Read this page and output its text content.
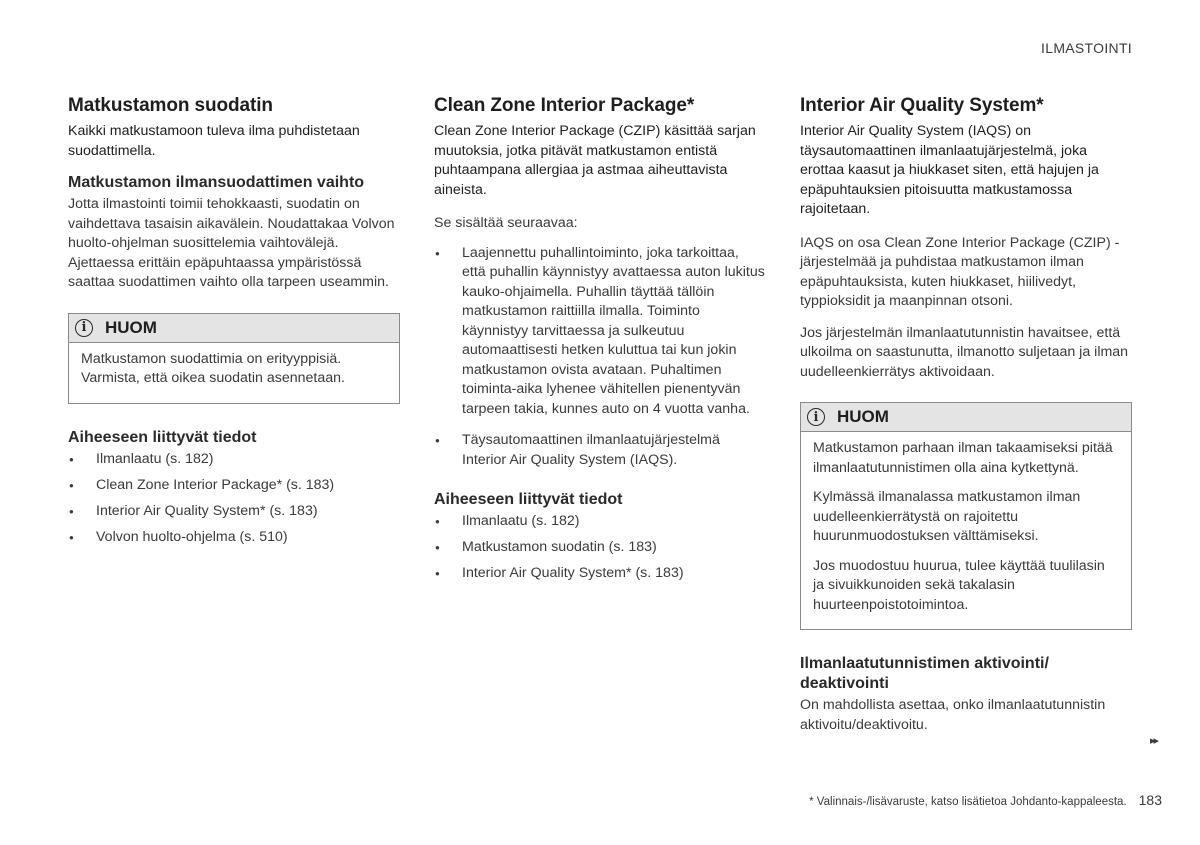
ILMASTOINTI
Matkustamon suodatin

Kaikki matkustamoon tuleva ilma puhdistetaan suodattimella.

Matkustamon ilmansuodattimen vaihto

Jotta ilmastointi toimii tehokkaasti, suodatin on vaihdettava tasaisin aikavälein. Noudattakaa Volvon huolto-ohjelman suosittelemia vaihtovälejä. Ajettaessa erittäin epäpuhtaassa ympäristössä saattaa suodattimen vaihto olla tarpeen useammin.

i	HUOM

Matkustamon suodattimia on erityyppisiä. Varmista, että oikea suodatin asennetaan.

Aiheeseen liittyvät tiedot
● Ilmanlaatu (s. 182)
● Clean Zone Interior Package* (s. 183)
● Interior Air Quality System* (s. 183)
● Volvon huolto-ohjelma (s. 510)
Clean Zone Interior Package*

Clean Zone Interior Package (CZIP) käsittää sarjan muutoksia, jotka pitävät matkustamon entistä puhtaampana allergiaa ja astmaa aiheuttavista aineista.

Se sisältää seuraavaa:

● Laajennettu puhallintoiminto, joka tarkoittaa, että puhallin käynnistyy avattaessa auton lukitus kauko-ohjaimella. Puhallin täyttää tällöin matkustamon raittiilla ilmalla. Toiminto käynnistyy tarvittaessa ja sulkeutuu automaattisesti hetken kuluttua tai kun jokin matkustamon ovista avataan. Puhaltimen toiminta-aika lyhenee vähitellen pienentyvän tarpeen takia, kunnes auto on 4 vuotta vanha.
● Täysautomaattinen ilmanlaatujärjestelmä Interior Air Quality System (IAQS).
Aiheeseen liittyvät tiedot
● Ilmanlaatu (s. 182)
● Matkustamon suodatin (s. 183)
● Interior Air Quality System* (s. 183)
Interior Air Quality System*

Interior Air Quality System (IAQS) on täysautomaattinen ilmanlaatujärjestelmä, joka erottaa kaasut ja hiukkaset siten, että hajujen ja epäpuhtauksien pitoisuutta matkustamossa rajoitetaan.

IAQS on osa Clean Zone Interior Package (CZIP) -järjestelmää ja puhdistaa matkustamon ilman epäpuhtauksista, kuten hiukkaset, hiilivedyt, typpioksidit ja maanpinnan otsoni.

Jos järjestelmän ilmanlaatutunnistin havaitsee, että ulkoilma on saastunutta, ilmanotto suljetaan ja ilman uudelleenkierrätys aktivoidaan.

i	HUOM

Matkustamon parhaan ilman takaamiseksi pitää ilmanlaatutunnistimen olla aina kytkettynä.

Kylmässä ilmanalassa matkustamon ilman uudelleenkierrätystä on rajoitettu huurunmuodostuksen välttämiseksi.

Jos muodostuu huurua, tulee käyttää tuulilasin ja sivuikkunoiden sekä takalasin huurteenpoistotoimintoa.

Ilmanlaatutunnistimen aktivointi/ deaktivointi

On mahdollista asettaa, onko ilmanlaatutunnistin aktivoitu/deaktivoitu.

▸▸
* Valinnais-/lisävaruste, katso lisätietoa Johdanto-kappaleesta. 183
